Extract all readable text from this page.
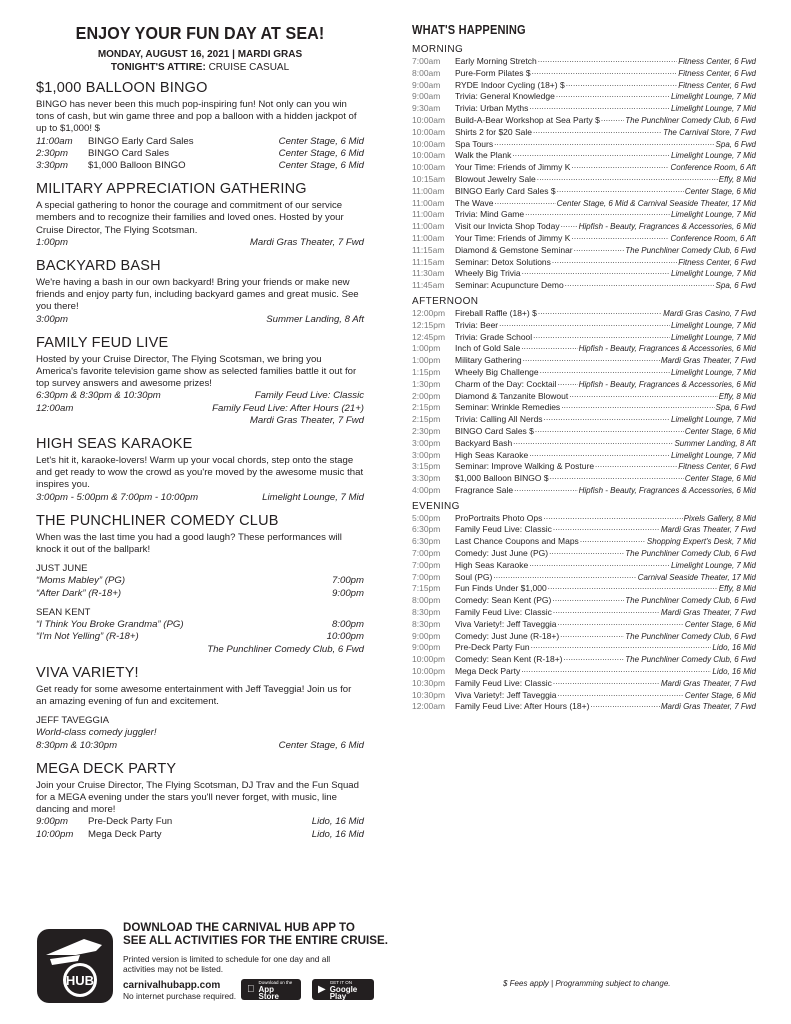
ENJOY YOUR FUN DAY AT SEA!
MONDAY, AUGUST 16, 2021 | MARDI GRAS
TONIGHT'S ATTIRE: CRUISE CASUAL
$1,000 BALLOON BINGO
BINGO has never been this much pop-inspiring fun! Not only can you win tons of cash, but win game three and pop a balloon with a hidden jackpot of up to $1,000! $
11:00am	BINGO Early Card Sales	Center Stage, 6 Mid
2:30pm	BINGO Card Sales	Center Stage, 6 Mid
3:30pm	$1,000 Balloon BINGO	Center Stage, 6 Mid
MILITARY APPRECIATION GATHERING
A special gathering to honor the courage and commitment of our service members and to recognize their families and loved ones. Hosted by your Cruise Director, The Flying Scotsman.
1:00pm	Mardi Gras Theater, 7 Fwd
BACKYARD BASH
We're having a bash in our own backyard! Bring your friends or make new friends and enjoy party fun, including backyard games and great music. See you there!
3:00pm	Summer Landing, 8 Aft
FAMILY FEUD LIVE
Hosted by your Cruise Director, The Flying Scotsman, we bring you America's favorite television game show as selected families battle it out for top survey answers and awesome prizes!
6:30pm & 8:30pm & 10:30pm	Family Feud Live: Classic
12:00am	Family Feud Live: After Hours (21+)
Mardi Gras Theater, 7 Fwd
HIGH SEAS KARAOKE
Let's hit it, karaoke-lovers! Warm up your vocal chords, step onto the stage and get ready to wow the crowd as you're moved by the awesome music that inspires you.
3:00pm - 5:00pm & 7:00pm - 10:00pm	Limelight Lounge, 7 Mid
THE PUNCHLINER COMEDY CLUB
When was the last time you had a good laugh? These performances will knock it out of the ballpark!
JUST JUNE
“Moms Mabley” (PG)	7:00pm
“After Dark” (R-18+)	9:00pm
SEAN KENT
“I Think You Broke Grandma” (PG)	8:00pm
“I'm Not Yelling” (R-18+)	10:00pm
The Punchliner Comedy Club, 6 Fwd
VIVA VARIETY!
Get ready for some awesome entertainment with Jeff Taveggia! Join us for an amazing evening of fun and excitement.
JEFF TAVEGGIA
World-class comedy juggler!
8:30pm & 10:30pm	Center Stage, 6 Mid
MEGA DECK PARTY
Join your Cruise Director, The Flying Scotsman, DJ Trav and the Fun Squad for a MEGA evening under the stars you'll never forget, with music, line dancing and more!
9:00pm	Pre-Deck Party Fun	Lido, 16 Mid
10:00pm	Mega Deck Party	Lido, 16 Mid
WHAT'S HAPPENING
MORNING
7:00am	Early Morning Stretch .....	Fitness Center, 6 Fwd
8:00am	Pure-Form Pilates $ .....	Fitness Center, 6 Fwd
9:00am	RYDE Indoor Cycling (18+) $ .....	Fitness Center, 6 Fwd
9:00am	Trivia: General Knowledge .....	Limelight Lounge, 7 Mid
9:30am	Trivia: Urban Myths .....	Limelight Lounge, 7 Mid
10:00am	Build-A-Bear Workshop at Sea Party $ .....	The Punchliner Comedy Club, 6 Fwd
10:00am	Shirts 2 for $20 Sale .....	The Carnival Store, 7 Fwd
10:00am	Spa Tours .....	Spa, 6 Fwd
10:00am	Walk the Plank .....	Limelight Lounge, 7 Mid
10:00am	Your Time: Friends of Jimmy K .....	Conference Room, 6 Aft
10:15am	Blowout Jewelry Sale .....	Effy, 8 Mid
11:00am	BINGO Early Card Sales $ .....	Center Stage, 6 Mid
11:00am	The Wave .....	Center Stage, 6 Mid & Carnival Seaside Theater, 17 Mid
11:00am	Trivia: Mind Game .....	Limelight Lounge, 7 Mid
11:00am	Visit our Invicta Shop Today ..... Hipfish - Beauty, Fragrances & Accessories, 6 Mid
11:00am	Your Time: Friends of Jimmy K .....	Conference Room, 6 Aft
11:15am	Diamond & Gemstone Seminar .....	The Punchliner Comedy Club, 6 Fwd
11:15am	Seminar: Detox Solutions .....	Fitness Center, 6 Fwd
11:30am	Wheely Big Trivia .....	Limelight Lounge, 7 Mid
11:45am	Seminar: Acupuncture Demo .....	Spa, 6 Fwd
AFTERNOON
12:00pm	Fireball Raffle (18+) $ .....	Mardi Gras Casino, 7 Fwd
12:15pm	Trivia: Beer .....	Limelight Lounge, 7 Mid
12:45pm	Trivia: Grade School .....	Limelight Lounge, 7 Mid
1:00pm	Inch of Gold Sale .....	Hipfish - Beauty, Fragrances & Accessories, 6 Mid
1:00pm	Military Gathering .....	Mardi Gras Theater, 7 Fwd
1:15pm	Wheely Big Challenge .....	Limelight Lounge, 7 Mid
1:30pm	Charm of the Day: Cocktail .....	Hipfish - Beauty, Fragrances & Accessories, 6 Mid
2:00pm	Diamond & Tanzanite Blowout .....	Effy, 8 Mid
2:15pm	Seminar: Wrinkle Remedies .....	Spa, 6 Fwd
2:15pm	Trivia: Calling All Nerds .....	Limelight Lounge, 7 Mid
2:30pm	BINGO Card Sales $ .....	Center Stage, 6 Mid
3:00pm	Backyard Bash .....	Summer Landing, 8 Aft
3:00pm	High Seas Karaoke .....	Limelight Lounge, 7 Mid
3:15pm	Seminar: Improve Walking & Posture .....	Fitness Center, 6 Fwd
3:30pm	$1,000 Balloon BINGO $ .....	Center Stage, 6 Mid
4:00pm	Fragrance Sale .....	Hipfish - Beauty, Fragrances & Accessories, 6 Mid
EVENING
5:00pm	ProPortraits Photo Ops .....	Pixels Gallery, 8 Mid
6:30pm	Family Feud Live: Classic .....	Mardi Gras Theater, 7 Fwd
6:30pm	Last Chance Coupons and Maps .....	Shopping Expert's Desk, 7 Mid
7:00pm	Comedy: Just June (PG) .....	The Punchliner Comedy Club, 6 Fwd
7:00pm	High Seas Karaoke .....	Limelight Lounge, 7 Mid
7:00pm	Soul (PG) .....	Carnival Seaside Theater, 17 Mid
7:15pm	Fun Finds Under $1,000 .....	Effy, 8 Mid
8:00pm	Comedy: Sean Kent (PG) .....	The Punchliner Comedy Club, 6 Fwd
8:30pm	Family Feud Live: Classic .....	Mardi Gras Theater, 7 Fwd
8:30pm	Viva Variety!: Jeff Taveggia .....	Center Stage, 6 Mid
9:00pm	Comedy: Just June (R-18+) .....	The Punchliner Comedy Club, 6 Fwd
9:00pm	Pre-Deck Party Fun .....	Lido, 16 Mid
10:00pm	Comedy: Sean Kent (R-18+) .....	The Punchliner Comedy Club, 6 Fwd
10:00pm	Mega Deck Party .....	Lido, 16 Mid
10:30pm	Family Feud Live: Classic .....	Mardi Gras Theater, 7 Fwd
10:30pm	Viva Variety!: Jeff Taveggia .....	Center Stage, 6 Mid
12:00am	Family Feud Live: After Hours (18+) .....	Mardi Gras Theater, 7 Fwd
HUB
DOWNLOAD THE CARNIVAL HUB APP TO
SEE ALL ACTIVITIES FOR THE ENTIRE CRUISE.
Printed version is limited to schedule for one day and all activities may not be listed.
carnivalhubapp.com
No internet purchase required.
Download on the
App Store	▶
GET IT ON
Google Play
$ Fees apply | Programming subject to change.
